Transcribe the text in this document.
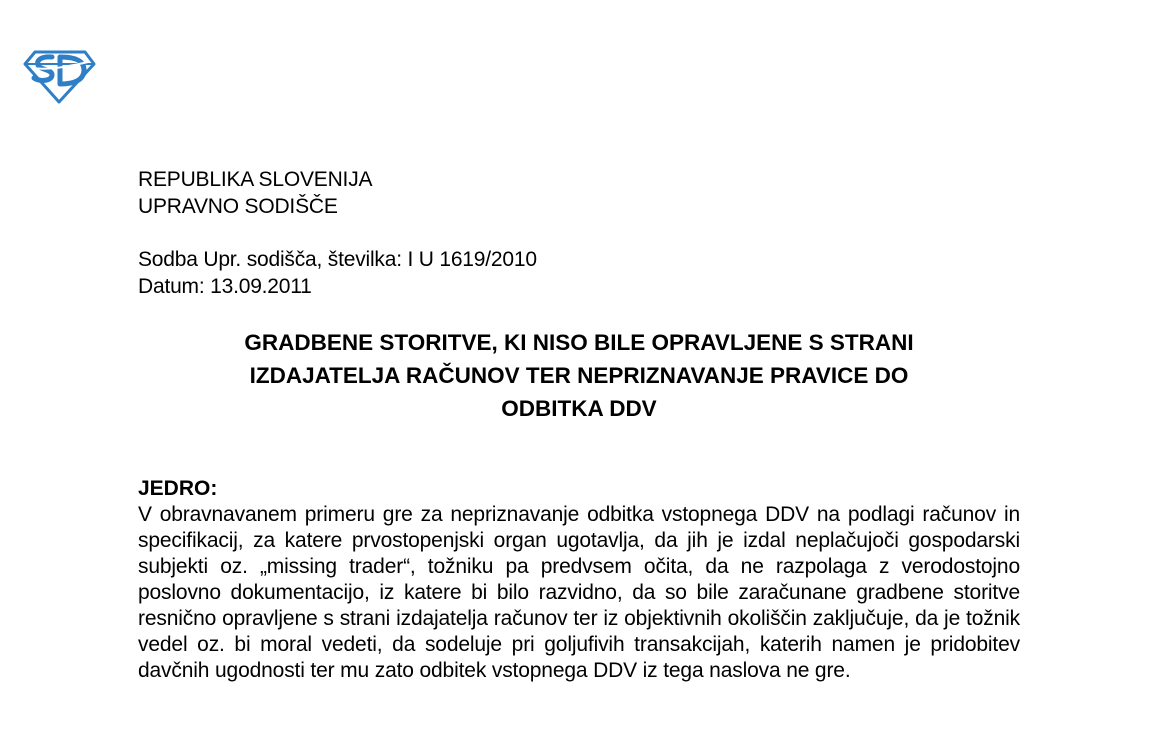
REPUBLIKA SLOVENIJA
UPRAVNO SODIŠČE
Sodba Upr. sodišča, številka: I U 1619/2010
Datum: 13.09.2011
GRADBENE STORITVE, KI NISO BILE OPRAVLJENE S STRANI
IZDAJATELJA RAČUNOV TER NEPRIZNAVANJE PRAVICE DO
ODBITKA DDV
JEDRO:
V obravnavanem primeru gre za nepriznavanje odbitka vstopnega DDV na podlagi računov in specifikacij, za katere prvostopenjski organ ugotavlja, da jih je izdal neplačujoči gospodarski subjekti oz. „missing trader“, tožniku pa predvsem očita, da ne razpolaga z verodostojno poslovno dokumentacijo, iz katere bi bilo razvidno, da so bile zaračunane gradbene storitve resnično opravljene s strani izdajatelja računov ter iz objektivnih okoliščin zaključuje, da je tožnik vedel oz. bi moral vedeti, da sodeluje pri goljufivih transakcijah, katerih namen je pridobitev davčnih ugodnosti ter mu zato odbitek vstopnega DDV iz tega naslova ne gre.
